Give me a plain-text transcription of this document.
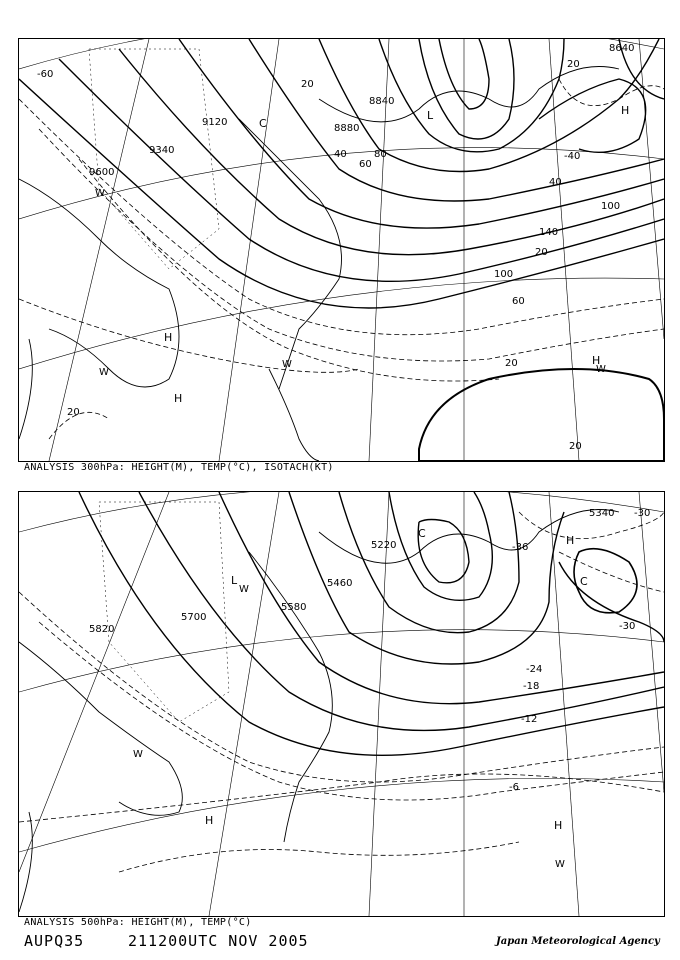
8640
8840
8880
9120
9340
9600
20
40
60
80
100
140
20
40
60
100
20
20
20
-60
-40
H
H
H
C
L	H
W
W
W	W
20
ANALYSIS 300hPa: HEIGHT(M), TEMP(°C), ISOTACH(KT)
5820
5700
5580
5460
5220
5340
-36
-30
-24
-18
-12
-6
-30
H
C
C
L
H	H
W
W
W
ANALYSIS 500hPa: HEIGHT(M), TEMP(°C)
AUPQ35	211200UTC NOV 2005	Japan Meteorological Agency
